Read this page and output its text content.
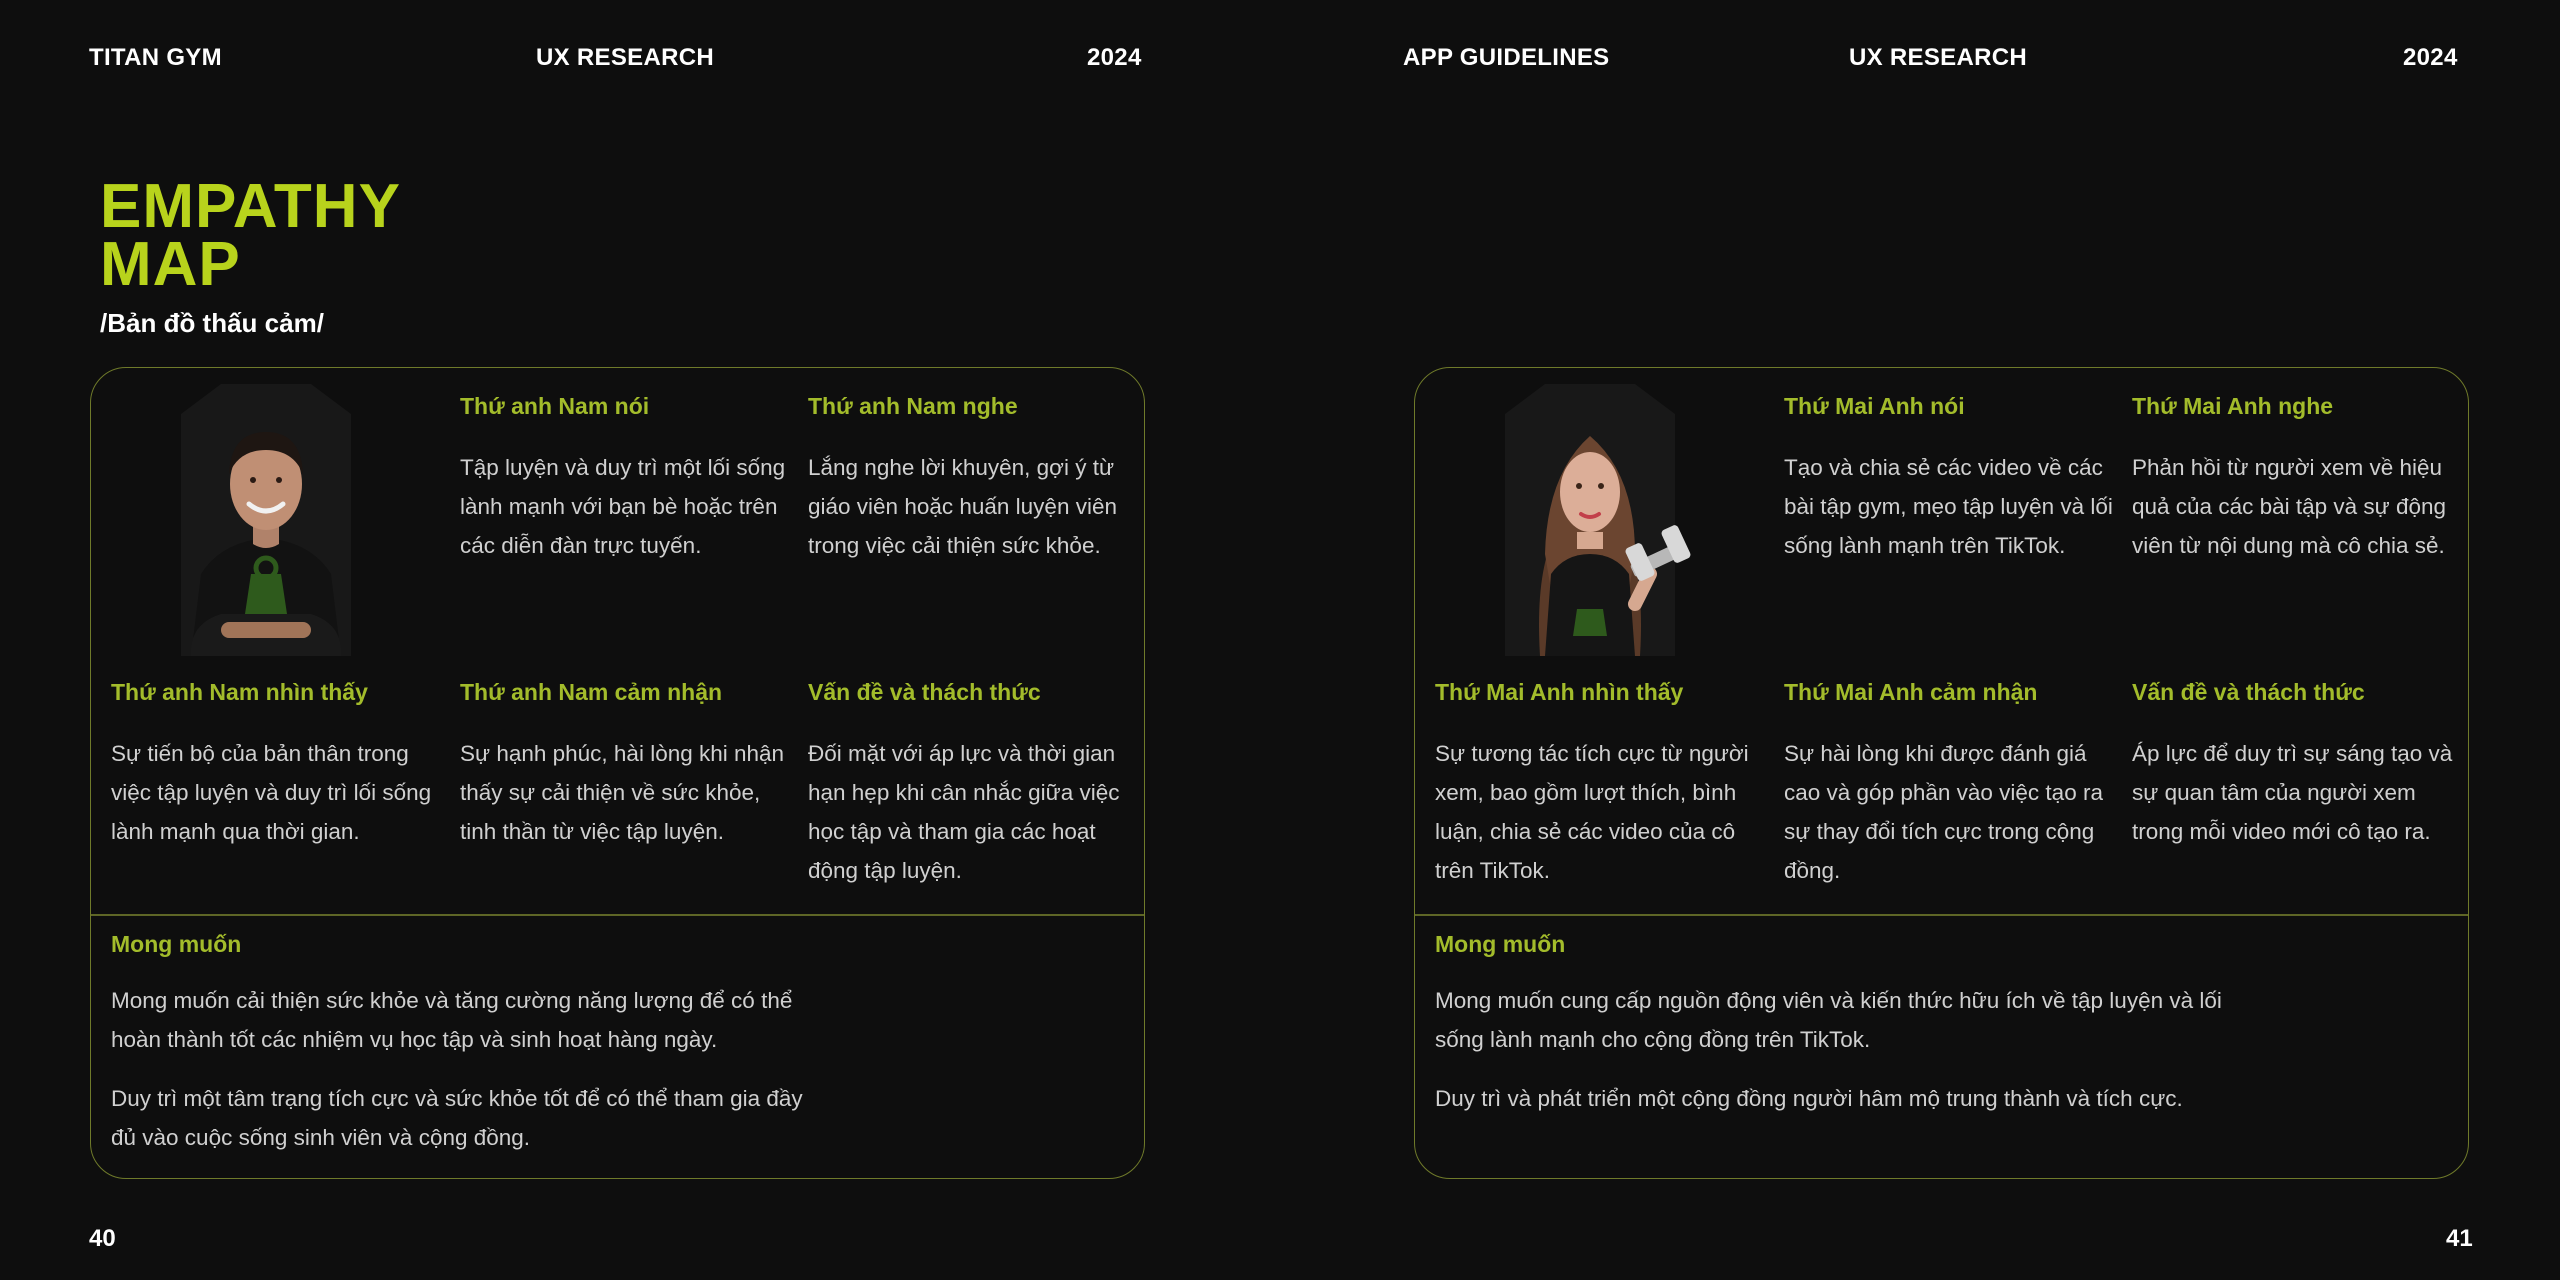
TITAN GYM	UX RESEARCH	2024	APP GUIDELINES	UX RESEARCH	2024
EMPATHY
MAP
/Bản đồ thấu cảm/
Thứ anh Nam nói

Tập luyện và duy trì một lối sống lành mạnh với bạn bè hoặc trên các diễn đàn trực tuyến.

Thứ anh Nam nghe

Lắng nghe lời khuyên, gợi ý từ giáo viên hoặc huấn luyện viên trong việc cải thiện sức khỏe.

Thứ anh Nam nhìn thấy

Sự tiến bộ của bản thân trong việc tập luyện và duy trì lối sống lành mạnh qua thời gian.

Thứ anh Nam cảm nhận

Sự hạnh phúc, hài lòng khi nhận thấy sự cải thiện về sức khỏe, tinh thần từ việc tập luyện.

Vấn đề và thách thức

Đối mặt với áp lực và thời gian hạn hẹp khi cân nhắc giữa việc học tập và tham gia các hoạt động tập luyện.

Mong muốn

Mong muốn cải thiện sức khỏe và tăng cường năng lượng để có thể hoàn thành tốt các nhiệm vụ học tập và sinh hoạt hàng ngày.

Duy trì một tâm trạng tích cực và sức khỏe tốt để có thể tham gia đầy đủ vào cuộc sống sinh viên và cộng đồng.

Thứ Mai Anh nói

Tạo và chia sẻ các video về các bài tập gym, mẹo tập luyện và lối sống lành mạnh trên TikTok.

Thứ Mai Anh nghe

Phản hồi từ người xem về hiệu quả của các bài tập và sự động viên từ nội dung mà cô chia sẻ.

Thứ Mai Anh nhìn thấy

Sự tương tác tích cực từ người xem, bao gồm lượt thích, bình luận, chia sẻ các video của cô trên TikTok.

Thứ Mai Anh cảm nhận

Sự hài lòng khi được đánh giá cao và góp phần vào việc tạo ra sự thay đổi tích cực trong cộng đồng.

Vấn đề và thách thức

Áp lực để duy trì sự sáng tạo và sự quan tâm của người xem trong mỗi video mới cô tạo ra.

Mong muốn

Mong muốn cung cấp nguồn động viên và kiến thức hữu ích về tập luyện và lối sống lành mạnh cho cộng đồng trên TikTok.

Duy trì và phát triển một cộng đồng người hâm mộ trung thành và tích cực.

40	41
